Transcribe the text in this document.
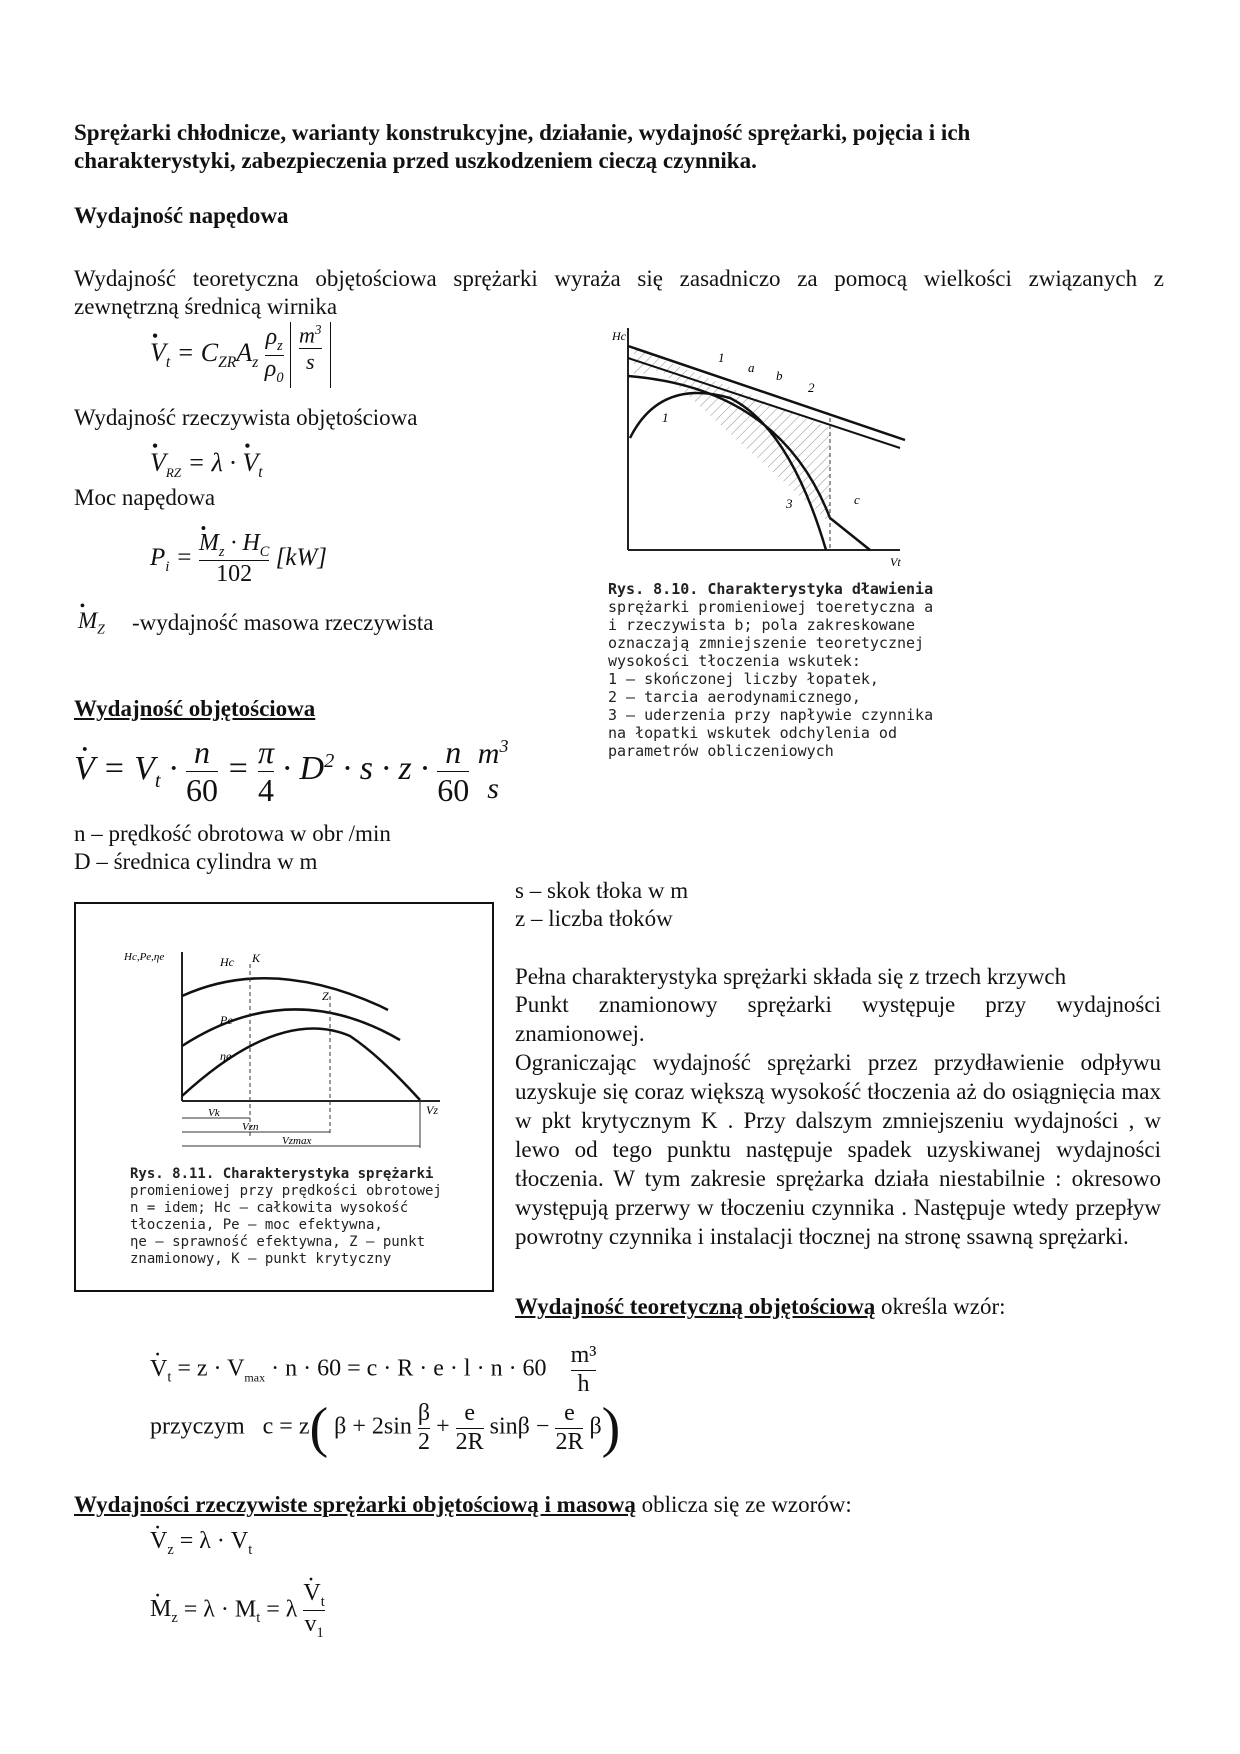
Sprężarki chłodnicze, warianty konstrukcyjne, działanie, wydajność sprężarki, pojęcia i ich
charakterystyki, zabezpieczenia przed uszkodzeniem cieczą czynnika.
Wydajność napędowa
Wydajność teoretyczna objętościowa sprężarki wyraża się zasadniczo za pomocą wielkości związanych z
zewnętrzną średnicą wirnika
• $V_t = C_{ZR}A_z \frac{\rho_z}{\rho_0}$
$\frac{m^3}{s}$
Wydajność rzeczywista objętościowa
• $V_{RZ} = \lambda$ · • $V_t$
Moc napędowa
$P_i$ =
• $\frac{M_z \cdot H_C}{102} [kW]$
• $M_Z$ -wydajność masowa rzeczywista
Hc
Vt
1
a
b
2
1
3	c
Rys. 8.10. Charakterystyka dławienia
sprężarki promieniowej toeretyczna a
i rzeczywista b; pola zakreskowane
oznaczają zmniejszenie teoretycznej
wysokości tłoczenia wskutek:
1 — skończonej liczby łopatek,
2 — tarcia aerodynamicznego,
3 — uderzenia przy napływie czynnika
na łopatki wskutek odchylenia od
parametrów obliczeniowych
Wydajność objętościowa
· $V = V_t \cdot \frac{n}{60} = \frac{\pi}{4} \cdot D^2 \cdot s \cdot z \cdot \frac{n}{60}$
$m^3$
s
n – prędkość obrotowa w obr /min
D – średnica cylindra w m
s – skok tłoka w m
z – liczba tłoków
Hc,Pe,ηe	Hc K
Z
Pe
ηe
Vz
Vk
Vzn
Vzmax
Rys. 8.11. Charakterystyka sprężarki
promieniowej przy prędkości obrotowej
n = idem; Hc — całkowita wysokość
tłoczenia, Pe — moc efektywna,
ηe — sprawność efektywna, Z — punkt
znamionowy, K — punkt krytyczny
Pełna charakterystyka sprężarki składa się z trzech krzywch
Punkt znamionowy sprężarki występuje przy wydajności znamionowej.
Ograniczając wydajność sprężarki przez przydławienie odpływu uzyskuje się coraz większą wysokość tłoczenia aż do osiągnięcia max w pkt krytycznym K . Przy dalszym zmniejszeniu wydajności , w lewo od tego punktu następuje spadek uzyskiwanej wydajności tłoczenia. W tym zakresie sprężarka działa niestabilnie : okresowo występują przerwy w tłoczeniu czynnika . Następuje wtedy przepływ powrotny czynnika i instalacji tłocznej na stronę ssawną sprężarki.
Wydajność teoretyczną objętościową określa wzór:
· $V_t = z \cdot V_{max} \cdot n \cdot 60 = c \cdot R \cdot e \cdot l \cdot n \cdot 60 \frac{\text{m³}}{h}$
przyczym c = z( $\beta + 2\sin \frac{\beta}{2} + \frac{e}{2R}$ $\sin\beta - \frac{e}{2R} \beta$)
Wydajności rzeczywiste sprężarki objętościową i masową oblicza się ze wzorów:
· $V_z = \lambda \cdot V_t$
· $M_z = \lambda \cdot M_t = \lambda$
· $\frac{V_t}{v_1}$
